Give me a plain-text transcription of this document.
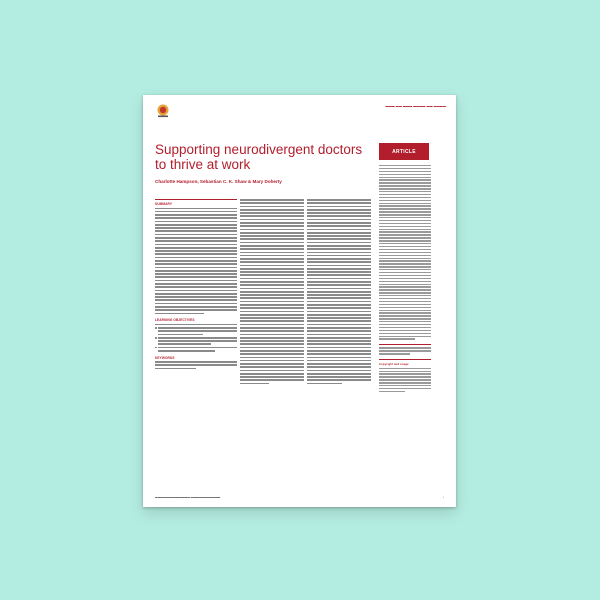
▬▬▬ ▬▬ ▬▬▬ ▬▬▬▬ ▬▬ ▬▬▬▬
Supporting neurodivergent doctors to thrive at work
Charlotte Hampson, Sebastian C. K. Shaw & Mary Doherty
ARTICLE
SUMMARY
LEARNING OBJECTIVES
KEYWORDS
Copyright and usage
▬▬▬▬▬▬▬▬▬▬▬▬▬ ▬▬▬▬▬▬▬▬▬▬▬	▪
